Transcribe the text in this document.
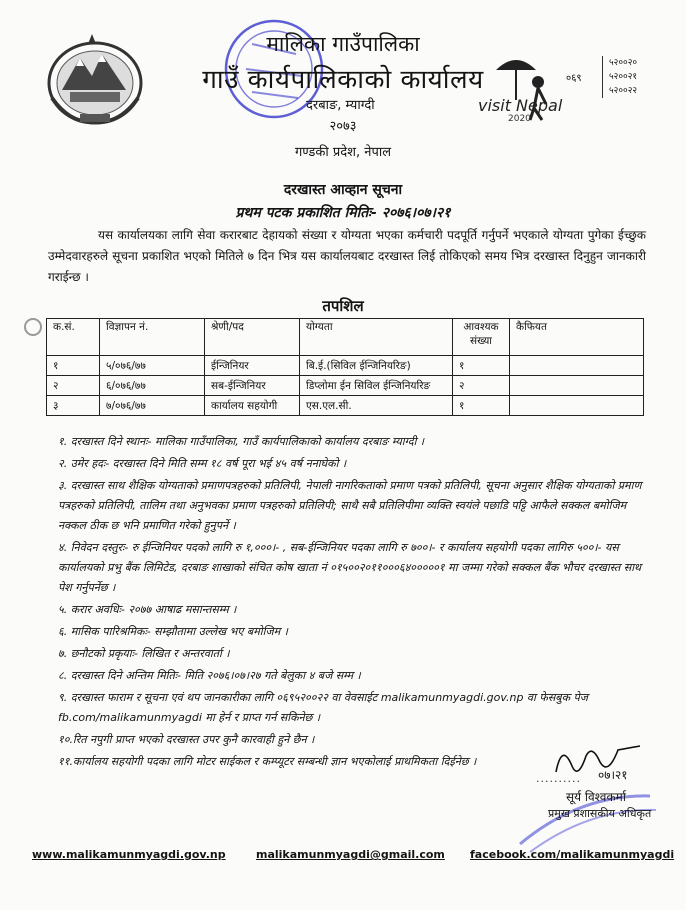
मालिका गाउँपालिका
गाउँ कार्यपालिकाको कार्यालय
दरबाङ, म्याग्दी
२०७३
गण्डकी प्रदेश, नेपाल
visit Nepal
2020
०६९
५२००२०
५२००२१
५२००२२
दरखास्त आव्हान सूचना
प्रथम पटक प्रकाशित मितिः- २०७६।०७।२१
यस कार्यालयका लागि सेवा करारबाट देहायको संख्या र योग्यता भएका कर्मचारी पदपूर्ति गर्नुपर्ने भएकाले योग्यता पुगेका ईच्छुक उम्मेदवारहरुले सूचना प्रकाशित भएको मितिले ७ दिन भित्र यस कार्यालयबाट दरखास्त लिई तोकिएको समय भित्र दरखास्त दिनुहुन जानकारी गराईन्छ ।
तपशिल
क.सं.	विज्ञापन नं.	श्रेणी/पद	योग्यता	आवश्यक संख्या	कैफियत
१	५/०७६/७७	ईन्जिनियर	बि.ई.(सिविल ईन्जिनियरिङ)	१	
२	६/०७६/७७	सब-ईन्जिनियर	डिप्लोमा ईन सिविल ईन्जिनियरिङ	२	
३	७/०७६/७७	कार्यालय सहयोगी	एस.एल.सी.	१	
१. दरखास्त दिने स्थानः- मालिका गाउँपालिका, गाउँ कार्यपालिकाको कार्यालय दरबाङ म्याग्दी ।
२. उमेर हदः- दरखास्त दिने मिति सम्म १८ वर्ष पूरा भई ४५ वर्ष ननाघेको ।
३. दरखास्त साथ शैक्षिक योग्यताको प्रमाणपत्रहरुको प्रतिलिपी, नेपाली नागरिकताको प्रमाण पत्रको प्रतिलिपी, सूचना अनुसार शैक्षिक योग्यताको प्रमाण पत्रहरुको प्रतिलिपी, तालिम तथा अनुभवका प्रमाण पत्रहरुको प्रतिलिपी; साथै सबै प्रतिलिपीमा व्यक्ति स्वयंले पछाडि पट्टि आफैले सक्कल बमोजिम नक्कल ठीक छ भनि प्रमाणित गरेको हुनुपर्ने ।
४. निवेदन दस्तुरः- रु ईन्जिनियर पदको लागि रु १,०००।- , सब-ईन्जिनियर पदका लागि रु ७००।- र कार्यालय सहयोगी पदका लागिरु ५००।- यस कार्यालयको प्रभु बैंक लिमिटेड, दरबाङ शाखाको संचित कोष खाता नं ०१५००२०११०००६४०००००१ मा जम्मा गरेको सक्कल बैंक भौचर दरखास्त साथ पेश गर्नुपर्नेछ ।
५. करार अवधिः- २०७७ आषाढ मसान्तसम्म ।
६. मासिक पारिश्रमिकः- सम्झौतामा उल्लेख भए बमोजिम ।
७. छनौटको प्रकृयाः- लिखित र अन्तरवार्ता ।
८. दरखास्त दिने अन्तिम मितिः- मिति २०७६।०७।२७ गते बेलुका ४ बजे सम्म ।
९. दरखास्त फाराम र सूचना एवं थप जानकारीका लागि ०६९५२००२२ वा वेवसाईट malikamunmyagdi.gov.np वा फेसबुक पेज fb.com/malikamunmyagdi मा हेर्न र प्राप्त गर्न सकिनेछ ।
१०.रित नपुगी प्राप्त भएको दरखास्त उपर कुनै कारवाही हुने छैन ।
११.कार्यालय सहयोगी पदका लागि मोटर साईकल र कम्प्यूटर सम्बन्धी ज्ञान भएकोलाई प्राथमिकता दिईनेछ ।
.......... ०७।२१
सूर्य विश्वकर्मा
प्रमुख प्रशासकीय अधिकृत
www.malikamunmyagdi.gov.np	malikamunmyagdi@gmail.com facebook.com/malikamunmyagdi
